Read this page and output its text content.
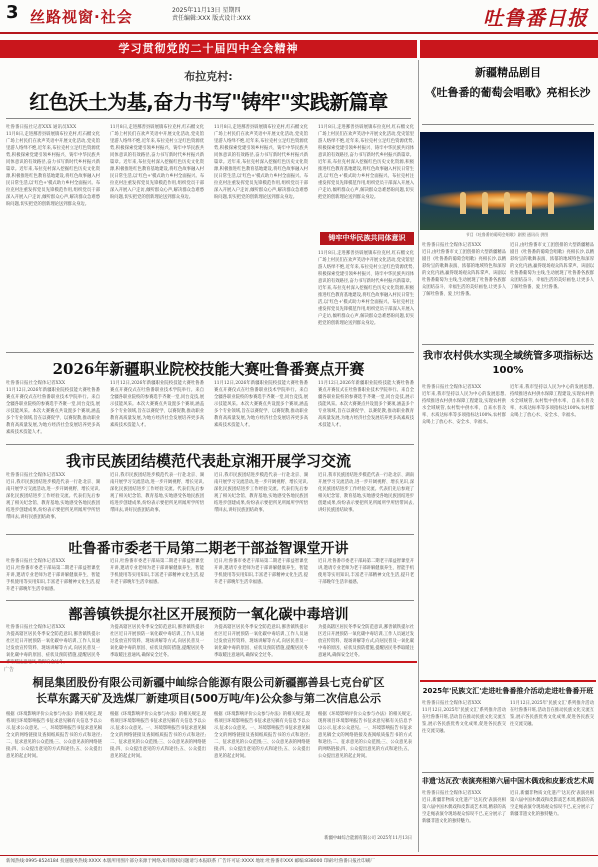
3 丝路视窗·社会	2025年11月13日 星期四
责任编辑:XXX 版式设计:XXX	吐鲁番日报
学习贯彻党的二十届四中全会精神
布拉克村:
红色沃土为基,奋力书写"铸牢"实践新篇章
吐鲁番日报社记者XXX 通讯员XXX
11月8日,走进鄯善县辟展镇布拉克村,红石榴文化广场上村民们在欢声笑语中开展文化活动,党史馆里游人络绎不绝,近年来,布拉克村立足红色资源优势,积极探索党建引领乡村振兴、铸牢中华民族共同体意识的有效路径,奋力书写新时代乡村振兴新篇章。近年来,布拉克村深入挖掘红色历史文化资源,积极推进红色教育基地建设,将红色故事融入村民日常生活,以'红色+'模式助力乡村全面振兴。布拉克村注重发挥党员先锋模范作用,组织党员干部深入开展入户走访,倾听群众心声,解决群众急难愁盼问题,切实把党的创新理论送到群众身边。
11月8日,走进鄯善县辟展镇布拉克村,红石榴文化广场上村民们在欢声笑语中开展文化活动,党史馆里游人络绎不绝,近年来,布拉克村立足红色资源优势,积极探索党建引领乡村振兴、铸牢中华民族共同体意识的有效路径,奋力书写新时代乡村振兴新篇章。近年来,布拉克村深入挖掘红色历史文化资源,积极推进红色教育基地建设,将红色故事融入村民日常生活,以'红色+'模式助力乡村全面振兴。布拉克村注重发挥党员先锋模范作用,组织党员干部深入开展入户走访,倾听群众心声,解决群众急难愁盼问题,切实把党的创新理论送到群众身边。
11月8日,走进鄯善县辟展镇布拉克村,红石榴文化广场上村民们在欢声笑语中开展文化活动,党史馆里游人络绎不绝,近年来,布拉克村立足红色资源优势,积极探索党建引领乡村振兴、铸牢中华民族共同体意识的有效路径,奋力书写新时代乡村振兴新篇章。近年来,布拉克村深入挖掘红色历史文化资源,积极推进红色教育基地建设,将红色故事融入村民日常生活,以'红色+'模式助力乡村全面振兴。布拉克村注重发挥党员先锋模范作用,组织党员干部深入开展入户走访,倾听群众心声,解决群众急难愁盼问题,切实把党的创新理论送到群众身边。
11月8日,走进鄯善县辟展镇布拉克村,红石榴文化广场上村民们在欢声笑语中开展文化活动,党史馆里游人络绎不绝,近年来,布拉克村立足红色资源优势,积极探索党建引领乡村振兴、铸牢中华民族共同体意识的有效路径,奋力书写新时代乡村振兴新篇章。近年来,布拉克村深入挖掘红色历史文化资源,积极推进红色教育基地建设,将红色故事融入村民日常生活,以'红色+'模式助力乡村全面振兴。布拉克村注重发挥党员先锋模范作用,组织党员干部深入开展入户走访,倾听群众心声,解决群众急难愁盼问题,切实把党的创新理论送到群众身边。
铸牢中华民族共同体意识
11月8日,走进鄯善县辟展镇布拉克村,红石榴文化广场上村民们在欢声笑语中开展文化活动,党史馆里游人络绎不绝,近年来,布拉克村立足红色资源优势,积极探索党建引领乡村振兴、铸牢中华民族共同体意识的有效路径,奋力书写新时代乡村振兴新篇章。近年来,布拉克村深入挖掘红色历史文化资源,积极推进红色教育基地建设,将红色故事融入村民日常生活,以'红色+'模式助力乡村全面振兴。布拉克村注重发挥党员先锋模范作用,组织党员干部深入开展入户走访,倾听群众心声,解决群众急难愁盼问题,切实把党的创新理论送到群众身边。
2026年新疆职业院校技能大赛吐鲁番赛点开赛
吐鲁番日报社全媒体记者XXX
11月12日,2026年新疆职业院校技能大赛吐鲁番赛点开赛仪式在吐鲁番职业技术学院举行。来自全疆各职业院校的参赛选手齐聚一堂,同台竞技,展示技能风采。本次大赛赛点共设置多个赛项,涵盖多个专业领域,旨在以赛促学、以赛促教,推动职业教育高质量发展,为地方经济社会发展培养更多高素质技术技能人才。
11月12日,2026年新疆职业院校技能大赛吐鲁番赛点开赛仪式在吐鲁番职业技术学院举行。来自全疆各职业院校的参赛选手齐聚一堂,同台竞技,展示技能风采。本次大赛赛点共设置多个赛项,涵盖多个专业领域,旨在以赛促学、以赛促教,推动职业教育高质量发展,为地方经济社会发展培养更多高素质技术技能人才。
11月12日,2026年新疆职业院校技能大赛吐鲁番赛点开赛仪式在吐鲁番职业技术学院举行。来自全疆各职业院校的参赛选手齐聚一堂,同台竞技,展示技能风采。本次大赛赛点共设置多个赛项,涵盖多个专业领域,旨在以赛促学、以赛促教,推动职业教育高质量发展,为地方经济社会发展培养更多高素质技术技能人才。
11月12日,2026年新疆职业院校技能大赛吐鲁番赛点开赛仪式在吐鲁番职业技术学院举行。来自全疆各职业院校的参赛选手齐聚一堂,同台竞技,展示技能风采。本次大赛赛点共设置多个赛项,涵盖多个专业领域,旨在以赛促学、以赛促教,推动职业教育高质量发展,为地方经济社会发展培养更多高素质技术技能人才。
我市民族团结模范代表赴京湘开展学习交流
吐鲁番日报社全媒体记者XXX
近日,我市民族团结进步模范代表一行赴北京、湖南开展学习交流活动,进一步开阔视野、增长见识,深化民族团结进步工作经验交流。代表们先后参观了相关纪念馆、教育基地,实地感受各地民族团结进步创建成果,纷纷表示要把所见所闻所学所悟带回去,讲好民族团结故事。
近日,我市民族团结进步模范代表一行赴北京、湖南开展学习交流活动,进一步开阔视野、增长见识,深化民族团结进步工作经验交流。代表们先后参观了相关纪念馆、教育基地,实地感受各地民族团结进步创建成果,纷纷表示要把所见所闻所学所悟带回去,讲好民族团结故事。
近日,我市民族团结进步模范代表一行赴北京、湖南开展学习交流活动,进一步开阔视野、增长见识,深化民族团结进步工作经验交流。代表们先后参观了相关纪念馆、教育基地,实地感受各地民族团结进步创建成果,纷纷表示要把所见所闻所学所悟带回去,讲好民族团结故事。
近日,我市民族团结进步模范代表一行赴北京、湖南开展学习交流活动,进一步开阔视野、增长见识,深化民族团结进步工作经验交流。代表们先后参观了相关纪念馆、教育基地,实地感受各地民族团结进步创建成果,纷纷表示要把所见所闻所学所悟带回去,讲好民族团结故事。
吐鲁番市委老干局第二期老干部益智课堂开讲
吐鲁番日报社全媒体记者XXX
近日,吐鲁番市委老干部局第二期老干部益智课堂开讲,邀请专业老师为老干部讲解健康养生、智能手机使用等实用知识,丰富老干部精神文化生活,提升老干部晚年生活幸福感。
近日,吐鲁番市委老干部局第二期老干部益智课堂开讲,邀请专业老师为老干部讲解健康养生、智能手机使用等实用知识,丰富老干部精神文化生活,提升老干部晚年生活幸福感。
近日,吐鲁番市委老干部局第二期老干部益智课堂开讲,邀请专业老师为老干部讲解健康养生、智能手机使用等实用知识,丰富老干部精神文化生活,提升老干部晚年生活幸福感。
近日,吐鲁番市委老干部局第二期老干部益智课堂开讲,邀请专业老师为老干部讲解健康养生、智能手机使用等实用知识,丰富老干部精神文化生活,提升老干部晚年生活幸福感。
鄯善镇铁提尔社区开展预防一氧化碳中毒培训
吐鲁番日报社全媒体记者XXX
为提高辖区居民冬季安全防范意识,鄯善镇铁提尔社区近日开展预防一氧化碳中毒培训,工作人员通过发放宣传资料、现场讲解等方式,向居民普及一氧化碳中毒的原因、症状及预防措施,提醒居民冬季取暖注意通风,确保安全过冬。
为提高辖区居民冬季安全防范意识,鄯善镇铁提尔社区近日开展预防一氧化碳中毒培训,工作人员通过发放宣传资料、现场讲解等方式,向居民普及一氧化碳中毒的原因、症状及预防措施,提醒居民冬季取暖注意通风,确保安全过冬。
为提高辖区居民冬季安全防范意识,鄯善镇铁提尔社区近日开展预防一氧化碳中毒培训,工作人员通过发放宣传资料、现场讲解等方式,向居民普及一氧化碳中毒的原因、症状及预防措施,提醒居民冬季取暖注意通风,确保安全过冬。
为提高辖区居民冬季安全防范意识,鄯善镇铁提尔社区近日开展预防一氧化碳中毒培训,工作人员通过发放宣传资料、现场讲解等方式,向居民普及一氧化碳中毒的原因、症状及预防措施,提醒居民冬季取暖注意通风,确保安全过冬。
广告
桐昆集团股份有限公司新疆中屾综合能源有限公司新疆鄯善县七克台矿区
长草东露天矿及选煤厂新建项目(500万吨/年)公众参与第二次信息公示
根据《环境影响评价公众参与办法》的相关规定,现将项目环境影响报告书征求意见稿有关信息予以公示,征求公众意见。一、环境影响报告书征求意见稿全文的网络链接及查阅纸质报告书的方式和途径;二、征求意见的公众范围;三、公众意见表的网络链接;四、公众提出意见的方式和途径;五、公众提出意见的起止时间。
根据《环境影响评价公众参与办法》的相关规定,现将项目环境影响报告书征求意见稿有关信息予以公示,征求公众意见。一、环境影响报告书征求意见稿全文的网络链接及查阅纸质报告书的方式和途径;二、征求意见的公众范围;三、公众意见表的网络链接;四、公众提出意见的方式和途径;五、公众提出意见的起止时间。
根据《环境影响评价公众参与办法》的相关规定,现将项目环境影响报告书征求意见稿有关信息予以公示,征求公众意见。一、环境影响报告书征求意见稿全文的网络链接及查阅纸质报告书的方式和途径;二、征求意见的公众范围;三、公众意见表的网络链接;四、公众提出意见的方式和途径;五、公众提出意见的起止时间。
根据《环境影响评价公众参与办法》的相关规定,现将项目环境影响报告书征求意见稿有关信息予以公示,征求公众意见。一、环境影响报告书征求意见稿全文的网络链接及查阅纸质报告书的方式和途径;二、征求意见的公众范围;三、公众意见表的网络链接;四、公众提出意见的方式和途径;五、公众提出意见的起止时间。
新疆中屾综合能源有限公司 2025年11月13日
新疆精品剧目
《吐鲁番的葡萄会唱歌》亮相长沙
节目《吐鲁番的葡萄会唱歌》剧照 通讯员 供图
吐鲁番日报社全媒体记者XXX
近日,由吐鲁番市文工团创排的大型新疆精品剧目《吐鲁番的葡萄会唱歌》亮相长沙,以精彩纷呈的歌舞表演、浓郁的地域特色和深厚的文化内涵,赢得现场观众阵阵掌声。该剧以吐鲁番葡萄为主线,生动展现了吐鲁番各族群众团结奋斗、幸福生活的美好画卷,让更多人了解吐鲁番、爱上吐鲁番。
近日,由吐鲁番市文工团创排的大型新疆精品剧目《吐鲁番的葡萄会唱歌》亮相长沙,以精彩纷呈的歌舞表演、浓郁的地域特色和深厚的文化内涵,赢得现场观众阵阵掌声。该剧以吐鲁番葡萄为主线,生动展现了吐鲁番各族群众团结奋斗、幸福生活的美好画卷,让更多人了解吐鲁番、爱上吐鲁番。
我市农村供水实现全域统管多项指标达100%
吐鲁番日报社全媒体记者XXX
近年来,我市坚持以人民为中心的发展思想,持续推进农村供水保障工程建设,实现农村供水全域统管,农村集中供水率、自来水普及率、水质达标率等多项指标达100%,农村群众喝上了放心水、安全水、幸福水。
近年来,我市坚持以人民为中心的发展思想,持续推进农村供水保障工程建设,实现农村供水全域统管,农村集中供水率、自来水普及率、水质达标率等多项指标达100%,农村群众喝上了放心水、安全水、幸福水。
2025年'民族文汇'走进吐鲁番推介活动走进吐鲁番开班
吐鲁番日报社全媒体记者XXX
11月12日,2025年'民族文汇'系列推介活动在吐鲁番开班,活动旨在推动民族文化交流互鉴,展示各民族优秀文化成果,促进各民族交往交流交融。
11月12日,2025年'民族文汇'系列推介活动在吐鲁番开班,活动旨在推动民族文化交流互鉴,展示各民族优秀文化成果,促进各民族交往交流交融。
非遗'达瓦孜'表演亮相第六届中国木偶戏和皮影戏艺术周
吐鲁番日报社全媒体记者XXX
近日,新疆非物质文化遗产'达瓦孜'表演亮相第六届中国木偶戏和皮影戏艺术周,精彩的高空走绳表演令现场观众惊叹不已,充分展示了新疆非遗文化的独特魅力。
近日,新疆非物质文化遗产'达瓦孜'表演亮相第六届中国木偶戏和皮影戏艺术周,精彩的高空走绳表演令现场观众惊叹不已,充分展示了新疆非遗文化的独特魅力。
新闻热线:0995-8524184 投递服务热线:XXXX 本版所用图片部分来源于网络,如有版权问题请与本报联系 广告许可证:XXXX 地址:吐鲁番市XXX 邮编:838000 印刷:吐鲁番日报社印刷厂
